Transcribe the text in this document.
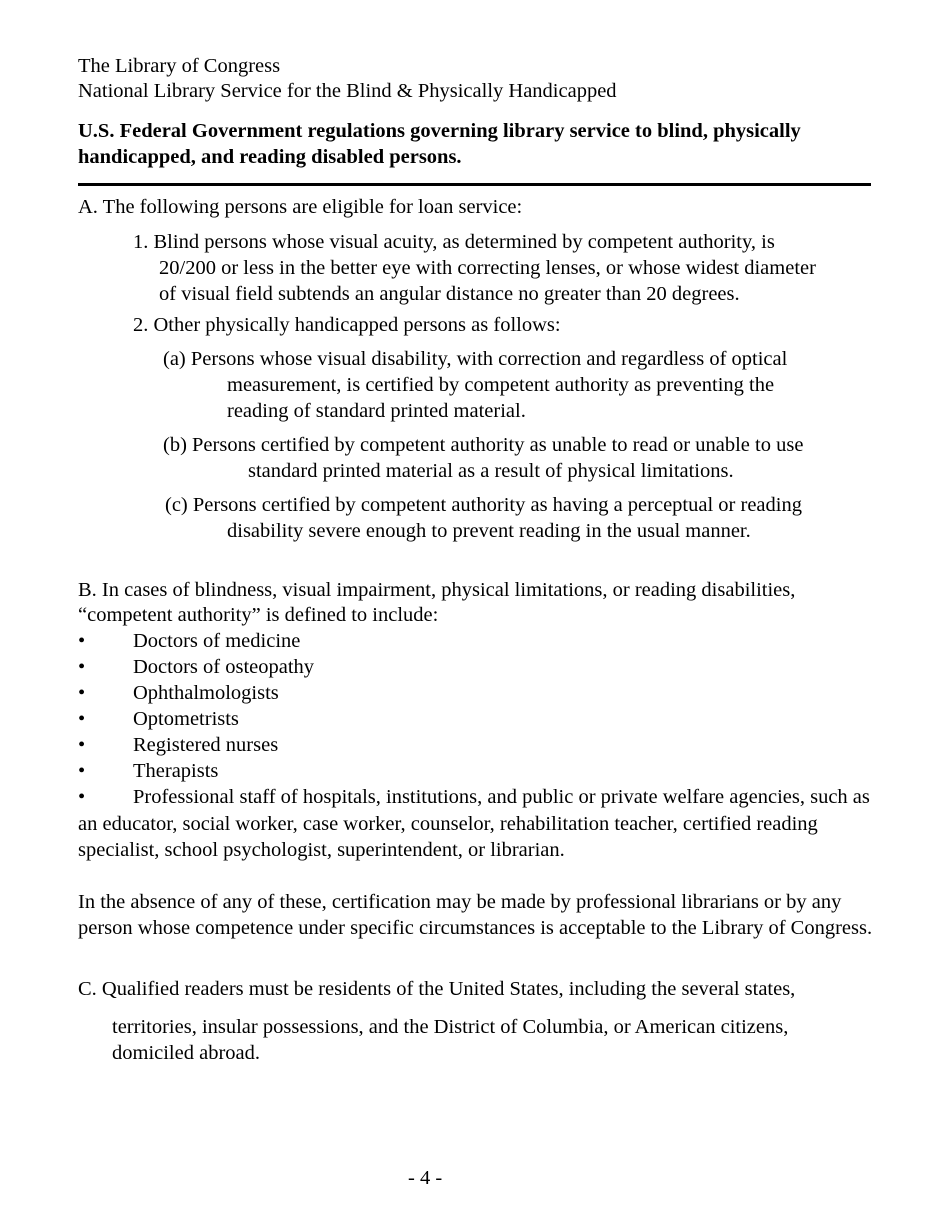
The Library of Congress
National Library Service for the Blind & Physically Handicapped
U.S. Federal Government regulations governing library service to blind, physically
handicapped, and reading disabled persons.
A. The following persons are eligible for loan service:
1. Blind persons whose visual acuity, as determined by competent authority, is
20/200 or less in the better eye with correcting lenses, or whose widest diameter
of visual field subtends an angular distance no greater than 20 degrees.
2. Other physically handicapped persons as follows:
(a) Persons whose visual disability, with correction and regardless of optical
measurement, is certified by competent authority as preventing the
reading of standard printed material.
(b) Persons certified by competent authority as unable to read or unable to use
standard printed material as a result of physical limitations.
(c) Persons certified by competent authority as having a perceptual or reading
disability severe enough to prevent reading in the usual manner.
B. In cases of blindness, visual impairment, physical limitations, or reading disabilities,
“competent authority” is defined to include:
• Doctors of medicine
• Doctors of osteopathy
• Ophthalmologists
• Optometrists
• Registered nurses
• Therapists
• Professional staff of hospitals, institutions, and public or private welfare agencies, such as
an educator, social worker, case worker, counselor, rehabilitation teacher, certified reading
specialist, school psychologist, superintendent, or librarian.
In the absence of any of these, certification may be made by professional librarians or by any
person whose competence under specific circumstances is acceptable to the Library of Congress.
C. Qualified readers must be residents of the United States, including the several states,
territories, insular possessions, and the District of Columbia, or American citizens,
domiciled abroad.
- 4 -
